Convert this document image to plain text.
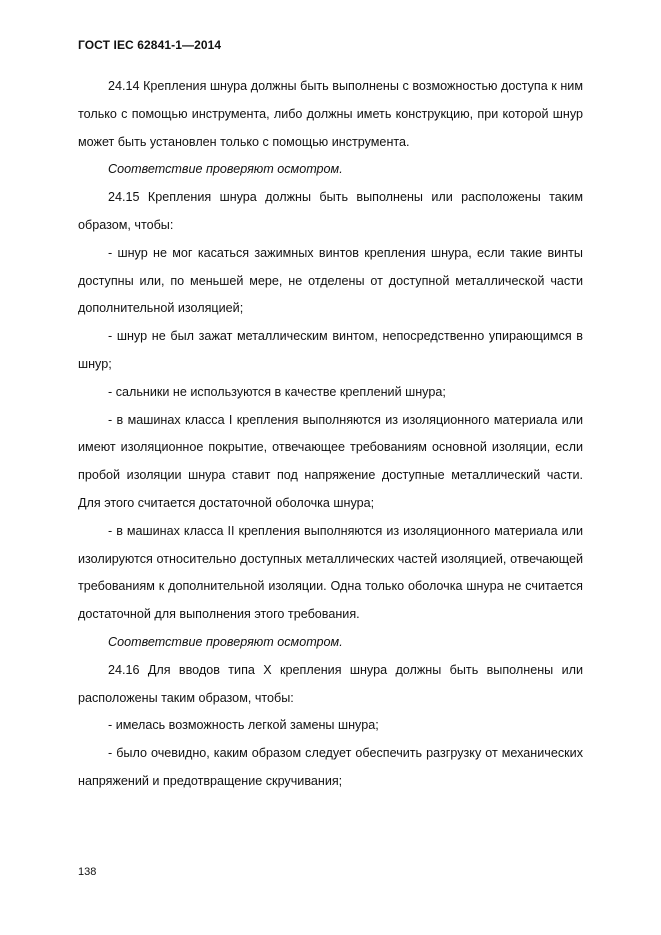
ГОСТ IEC 62841-1—2014

24.14 Крепления шнура должны быть выполнены с возможностью доступа к ним только с помощью инструмента, либо должны иметь конструкцию, при которой шнур может быть установлен только с помощью инструмента.

Соответствие проверяют осмотром.

24.15 Крепления шнура должны быть выполнены или расположены таким образом, чтобы:

- шнур не мог касаться зажимных винтов крепления шнура, если такие винты доступны или, по меньшей мере, не отделены от доступной металлической части дополнительной изоляцией;

- шнур не был зажат металлическим винтом, непосредственно упирающимся в шнур;

- сальники не используются в качестве креплений шнура;

- в машинах класса I крепления выполняются из изоляционного материала или имеют изоляционное покрытие, отвечающее требованиям основной изоляции, если пробой изоляции шнура ставит под напряжение доступные металлический части. Для этого считается достаточной оболочка шнура;

- в машинах класса II крепления выполняются из изоляционного материала или изолируются относительно доступных металлических частей изоляцией, отвечающей требованиям к дополнительной изоляции. Одна только оболочка шнура не считается достаточной для выполнения этого требования.

Соответствие проверяют осмотром.

24.16 Для вводов типа X крепления шнура должны быть выполнены или расположены таким образом, чтобы:

- имелась возможность легкой замены шнура;

- было очевидно, каким образом следует обеспечить разгрузку от механических напряжений и предотвращение скручивания;

138
